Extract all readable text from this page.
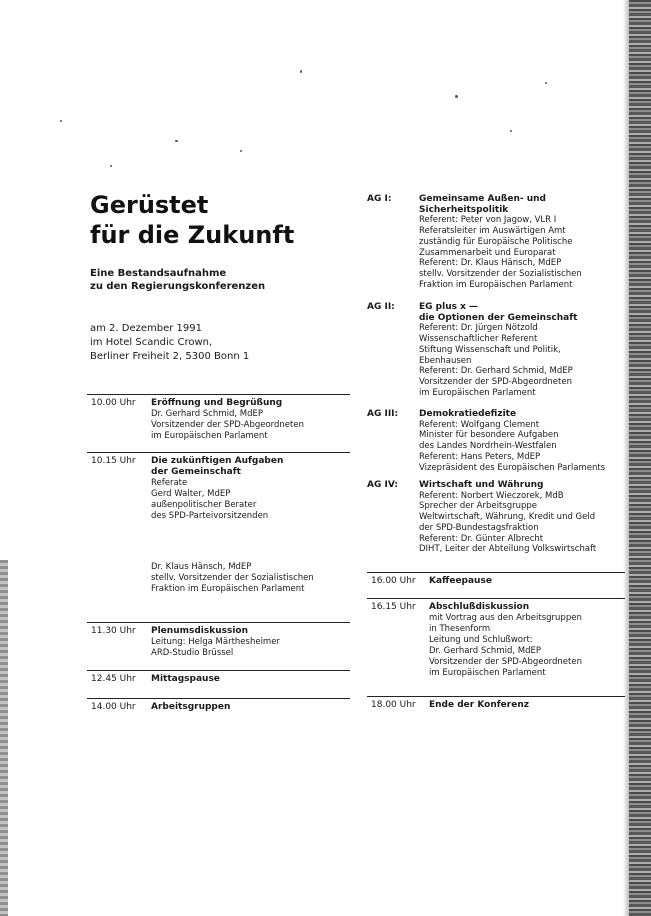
Gerüstet
für die Zukunft
Eine Bestandsaufnahme
zu den Regierungskonferenzen
am 2. Dezember 1991
im Hotel Scandic Crown,
Berliner Freiheit 2, 5300 Bonn 1
10.00 Uhr	Eröffnung und Begrüßung
Dr. Gerhard Schmid, MdEP
Vorsitzender der SPD-Abgeordneten
im Europäischen Parlament
10.15 Uhr	Die zukünftigen Aufgaben
der Gemeinschaft
Referate
Gerd Walter, MdEP
außenpolitischer Berater
des SPD-Parteivorsitzenden
Dr. Klaus Hänsch, MdEP
stellv. Vorsitzender der Sozialistischen
Fraktion im Europäischen Parlament
11.30 Uhr	Plenumsdiskussion
Leitung: Helga Märthesheimer
ARD-Studio Brüssel
12.45 Uhr	Mittagspause
14.00 Uhr	Arbeitsgruppen
AG I:	Gemeinsame Außen- und
Sicherheitspolitik
Referent: Peter von Jagow, VLR I
Referatsleiter im Auswärtigen Amt
zuständig für Europäische Politische
Zusammenarbeit und Europarat
Referent: Dr. Klaus Hänsch, MdEP
stellv. Vorsitzender der Sozialistischen
Fraktion im Europäischen Parlament
AG II:	EG plus x —
die Optionen der Gemeinschaft
Referent: Dr. Jürgen Nötzold
Wissenschaftlicher Referent
Stiftung Wissenschaft und Politik,
Ebenhausen
Referent: Dr. Gerhard Schmid, MdEP
Vorsitzender der SPD-Abgeordneten
im Europäischen Parlament
AG III: Demokratiedefizite
Referent: Wolfgang Clement
Minister für besondere Aufgaben
des Landes Nordrhein-Westfalen
Referent: Hans Peters, MdEP
Vizepräsident des Europäischen Parlaments
AG IV: Wirtschaft und Währung
Referent: Norbert Wieczorek, MdB
Sprecher der Arbeitsgruppe
Weltwirtschaft, Währung, Kredit und Geld
der SPD-Bundestagsfraktion
Referent: Dr. Günter Albrecht
DIHT, Leiter der Abteilung Volkswirtschaft
16.00 Uhr	Kaffeepause
16.15 Uhr	Abschlußdiskussion
mit Vortrag aus den Arbeitsgruppen
in Thesenform
Leitung und Schlußwort:
Dr. Gerhard Schmid, MdEP
Vorsitzender der SPD-Abgeordneten
im Europäischen Parlament
18.00 Uhr	Ende der Konferenz
